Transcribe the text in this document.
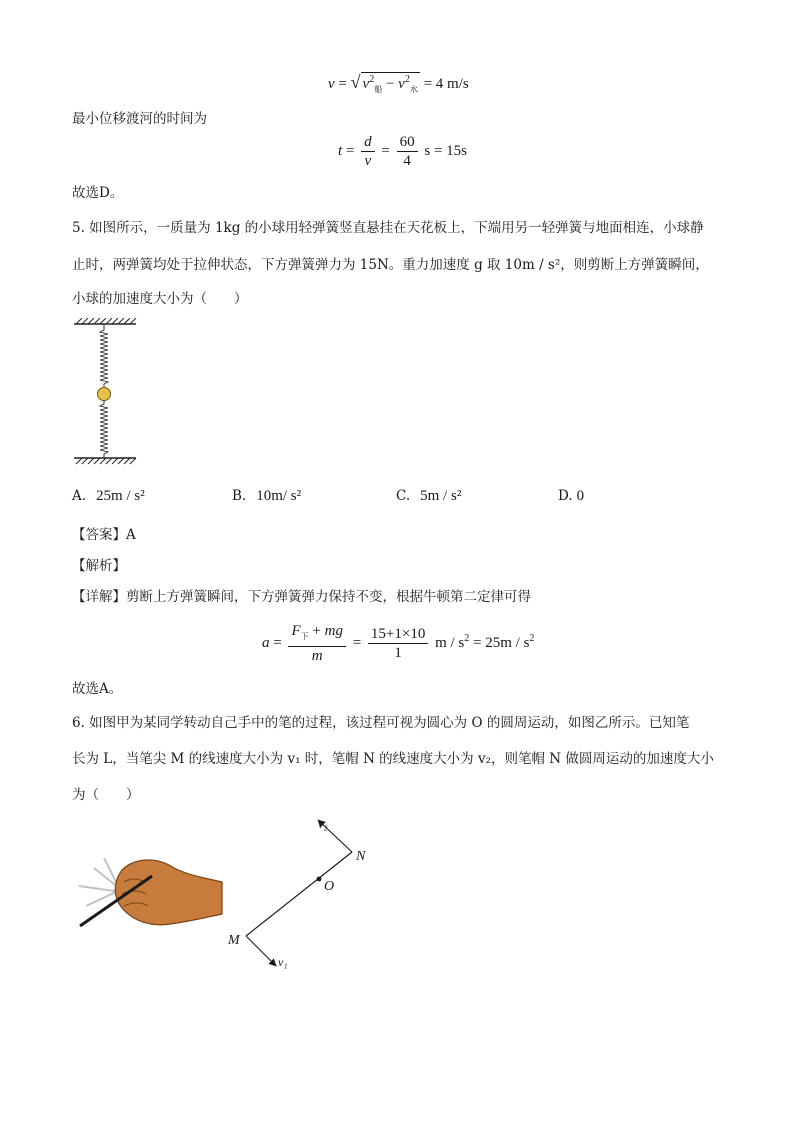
v = √ $v^2_船 - v^2_水 = 4$ m/s
最小位移渡河的时间为
$t = \frac{d}{v} = \frac{60}{4}$ s = 15s
故选D。
5. 如图所示，一质量为 1kg 的小球用轻弹簧竖直悬挂在天花板上，下端用另一轻弹簧与地面相连，小球静
止时，两弹簧均处于拉伸状态，下方弹簧弹力为 15N。重力加速度 g 取 10m / s²，则剪断上方弹簧瞬间，
小球的加速度大小为（　　）
A. 25m / s²	B. 10m/ s²	C. 5m / s²	D. 0
【答案】A
【解析】
【详解】剪断上方弹簧瞬间，下方弹簧弹力保持不变，根据牛顿第二定律可得
$a = \frac{F_下 + mg}{m} = \frac{15+1\times 10}{1}$ $m / s^2 = 25m / s^2$
故选A。
6. 如图甲为某同学转动自己手中的笔的过程，该过程可视为圆心为 O 的圆周运动，如图乙所示。已知笔
长为 L，当笔尖 M 的线速度大小为 v₁ 时，笔帽 N 的线速度大小为 v₂，则笔帽 N 做圆周运动的加速度大小
为（　　）
v₂
N
O
M
v₁
